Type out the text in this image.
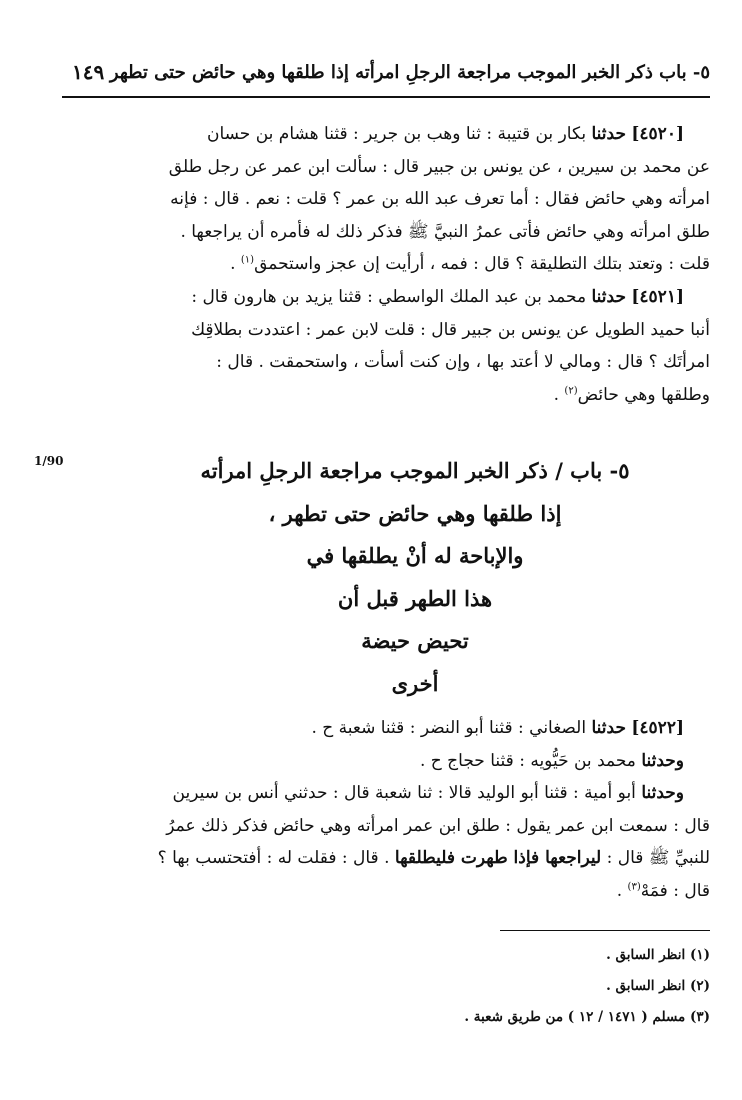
٥- باب ذكر الخبر الموجب مراجعة الرجلِ امرأته إذا طلقها وهي حائض حتى تطهر
١٤٩

[٤٥٢٠] حدثنا بكار بن قتيبة : ثنا وهب بن جرير : قثنا هشام بن حسان

عن محمد بن سيرين ، عن يونس بن جبير قال : سألت ابن عمر عن رجل طلق

امرأته وهي حائض فقال : أما تعرف عبد الله بن عمر ؟ قلت : نعم . قال : فإنه

طلق امرأته وهي حائض فأتى عمرُ النبيَّ ﷺ فذكر ذلك له فأمره أن يراجعها .

قلت : وتعتد بتلك التطليقة ؟ قال : فمه ، أرأيت إن عجز واستحمق$^{(١)}$ .

[٤٥٢١] حدثنا محمد بن عبد الملك الواسطي : قثنا يزيد بن هارون قال :

أنبا حميد الطويل عن يونس بن جبير قال : قلت لابن عمر : اعتددت بطلاقِك

امرأتَك ؟ قال : ومالي لا أعتد بها ، وإن كنت أسأت ، واستحمقت . قال :

وطلقها وهي حائض$^{(٢)}$ .

1/90	٥- باب / ذكر الخبر الموجب مراجعة الرجلِ امرأته
إذا طلقها وهي حائض حتى تطهر ،
والإباحة له أنْ يطلقها في
هذا الطهر قبل أن
تحيض حيضة
أخرى

[٤٥٢٢] حدثنا الصغاني : قثنا أبو النضر : قثنا شعبة ح .

وحدثنا محمد بن حَيُّويه : قثنا حجاج ح .

وحدثنا أبو أمية : قثنا أبو الوليد قالا : ثنا شعبة قال : حدثني أنس بن سيرين

قال : سمعت ابن عمر يقول : طلق ابن عمر امرأته وهي حائض فذكر ذلك عمرُ

للنبيِّ ﷺ قال : ليراجعها فإذا طهرت فليطلقها . قال : فقلت له : أفتحتسب بها ؟

قال : فمَهْ$^{(٣)}$ .

(١) انظر السابق .
(٢) انظر السابق .
(٣) مسلم ( ١٤٧١ / ١٢ ) من طريق شعبة .
